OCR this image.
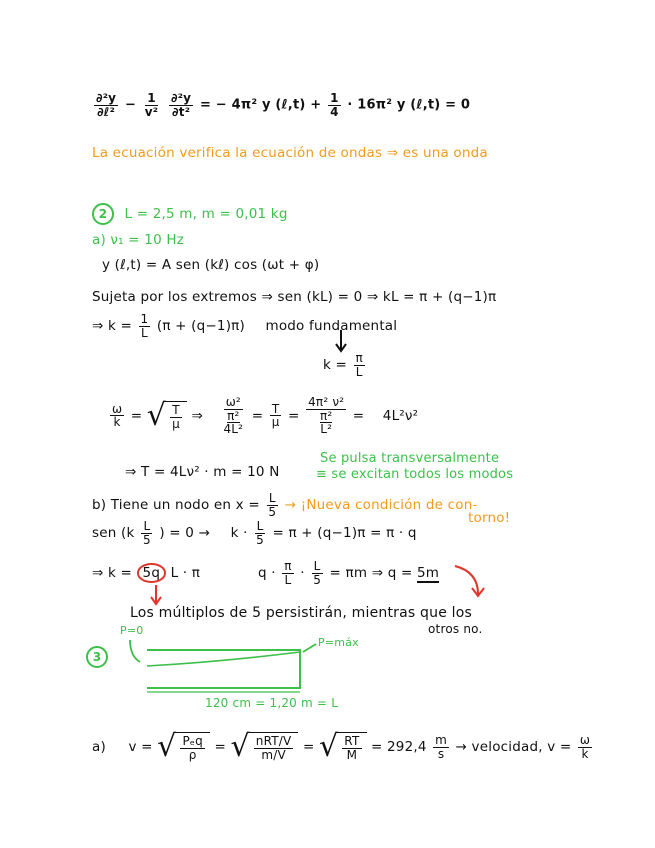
$\frac{\text{∂²y}}{\text{∂ℓ²}} - \frac{1}{\text{v²}}$
$\frac{\text{∂²y}}{\text{∂t²}}$ = − 4π² y (ℓ,t) + $\frac{1}{4} \cdot 16\pi^2$ y (ℓ,t) = 0
La ecuación verifica la ecuación de ondas ⇒ es una onda
2 L = 2,5 m, m = 0,01 kg
a) ν₁ = 10 Hz
y (ℓ,t) = A sen (kℓ) cos (ωt + φ)
Sujeta por los extremos ⇒ sen (kL) = 0 ⇒ kL = π + (q−1)π
⇒ $k = \frac{1}{L} (\pi + (q-1)\pi)$ modo fundamental
$k = \frac{\pi}{L}$
$\frac{\omega}{k}$ = √ $\frac{T}{\mu}$ ⇒ ω²
π²
$4L^2 = \frac{T}{\mu} = 4\pi^2$ ν²
π²
L² = 4L²ν²
⇒ T = 4Lν² · m = 10 N
Se pulsa transversalmente
≡ se excitan todos los modos
b) Tiene un nodo en $x = \frac{L}{5}$ → ¡Nueva condición de con-
torno!
sen ($k \frac{L}{5}$ ) = $0 \to k \cdot \frac{L}{5} = \pi + (q-1)\pi = \pi \cdot q$
⇒ k = 5q L · π	$q \cdot \frac{\pi}{L} \cdot \frac{L}{5} = \pi m$ ⇒ q = 5m
Los múltiplos de 5 persistirán, mientras que los
otros no.
3
P=0
P=máx
120 cm = 1,20 m = L
a) v = √ $\frac{\text{Pₑq}}{\rho}$ = √ $\frac{\text{nRT/V}}{m/V}$ = √ $\frac{RT}{M} = 292,4 \frac{m}{s}$ → velocidad, $v = \frac{\omega}{k}$
